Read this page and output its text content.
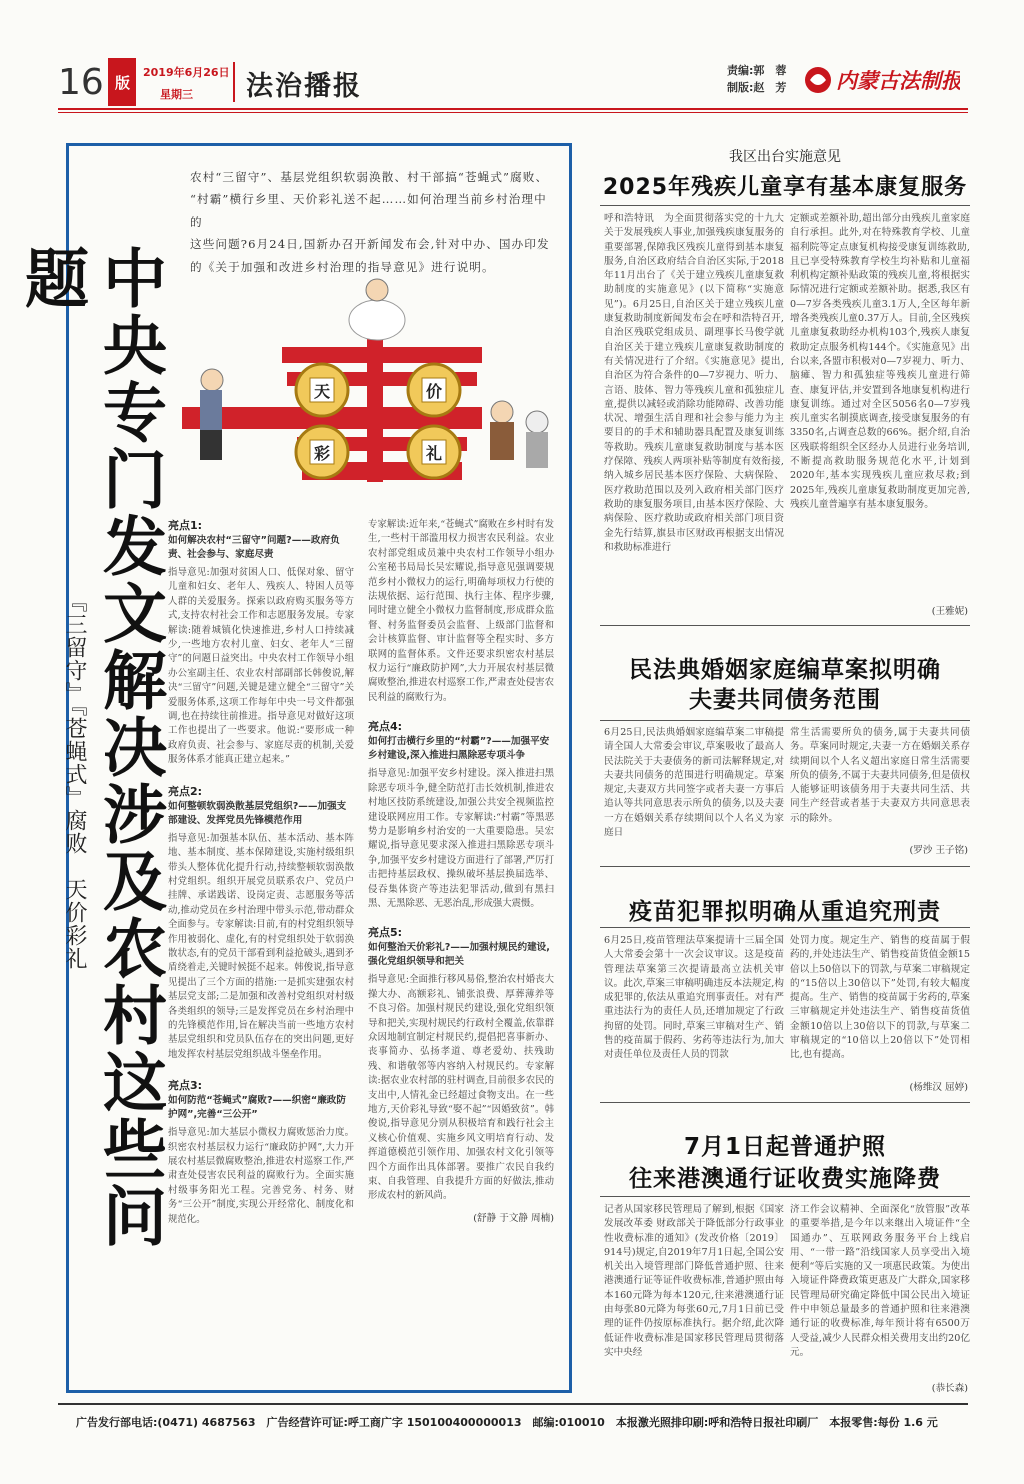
16 版
2019年6月26日
星期三 法治播报
责编:郭　蓉
制版:赵　芳 内蒙古法制报
农村“三留守”、基层党组织软弱涣散、村干部搞“苍蝇式”腐败、
“村霸”横行乡里、天价彩礼送不起……如何治理当前乡村治理中的
这些问题?6月24日,国新办召开新闻发布会,针对中办、国办印发
的《关于加强和改进乡村治理的指导意见》进行说明。
中央专门发文解决涉及农村这些问题
『三留守』『苍蝇式』腐败　天价彩礼
天	价
彩	礼
亮点1:
如何解决农村“三留守”问题?——政府负责、社会参与、家庭尽责

指导意见:加强对贫困人口、低保对象、留守儿童和妇女、老年人、残疾人、特困人员等人群的关爱服务。探索以政府购买服务等方式,支持农村社会工作和志愿服务发展。专家解读:随着城镇化快速推进,乡村人口持续减少,一些地方农村儿童、妇女、老年人“三留守”的问题日益突出。中央农村工作领导小组办公室副主任、农业农村部副部长韩俊说,解决“三留守”问题,关键是建立健全“三留守”关爱服务体系,这项工作每年中央一号文件都强调,也在持续往前推进。指导意见对做好这项工作也提出了一些要求。他说:“要形成一种政府负责、社会参与、家庭尽责的机制,关爱服务体系才能真正建立起来。”

亮点2:
如何整顿软弱涣散基层党组织?——加强支部建设、发挥党员先锋模范作用

指导意见:加强基本队伍、基本活动、基本阵地、基本制度、基本保障建设,实施村级组织带头人整体优化提升行动,持续整顿软弱涣散村党组织。组织开展党员联系农户、党员户挂牌、承诺践诺、设岗定责、志愿服务等活动,推动党员在乡村治理中带头示范,带动群众全面参与。专家解读:目前,有的村党组织领导作用被弱化、虚化,有的村党组织处于软弱涣散状态,有的党员干部看到利益抢破头,遇到矛盾绕着走,关键时候挺不起来。韩俊说,指导意见提出了三个方面的措施:一是抓实建强农村基层党支部;二是加强和改善村党组织对村级各类组织的领导;三是发挥党员在乡村治理中的先锋模范作用,旨在解决当前一些地方农村基层党组织和党员队伍存在的突出问题,更好地发挥农村基层党组织战斗堡垒作用。

亮点3:
如何防范“苍蝇式”腐败?——织密“廉政防护网”,完善“三公开”

指导意见:加大基层小微权力腐败惩治力度。织密农村基层权力运行“廉政防护网”,大力开展农村基层微腐败整治,推进农村巡察工作,严肃查处侵害农民利益的腐败行为。全面实施村级事务阳光工程。完善党务、村务、财务“三公开”制度,实现公开经常化、制度化和规范化。

专家解读:近年来,“苍蝇式”腐败在乡村时有发生,一些村干部滥用权力损害农民利益。农业农村部党组成员兼中央农村工作领导小组办公室秘书局局长吴宏耀说,指导意见强调要规范乡村小微权力的运行,明确每项权力行使的法规依据、运行范围、执行主体、程序步骤,同时建立健全小微权力监督制度,形成群众监督、村务监督委员会监督、上级部门监督和会计核算监督、审计监督等全程实时、多方联网的监督体系。文件还要求织密农村基层权力运行“廉政防护网”,大力开展农村基层微腐败整治,推进农村巡察工作,严肃查处侵害农民利益的腐败行为。

亮点4:
如何打击横行乡里的“村霸”?——加强平安乡村建设,深入推进扫黑除恶专项斗争

指导意见:加强平安乡村建设。深入推进扫黑除恶专项斗争,健全防范打击长效机制,推进农村地区技防系统建设,加强公共安全视频监控建设联网应用工作。专家解读:“村霸”等黑恶势力是影响乡村治安的一大重要隐患。吴宏耀说,指导意见要求深入推进扫黑除恶专项斗争,加强平安乡村建设方面进行了部署,严厉打击把持基层政权、操纵破坏基层换届选举、侵吞集体资产等违法犯罪活动,做到有黑扫黑、无黑除恶、无恶治乱,形成强大震慑。

亮点5:
如何整治天价彩礼?——加强村规民约建设,强化党组织领导和把关

指导意见:全面推行移风易俗,整治农村婚丧大操大办、高额彩礼、铺张浪费、厚葬薄养等不良习俗。加强村规民约建设,强化党组织领导和把关,实现村规民约行政村全覆盖,依靠群众因地制宜制定村规民约,提倡把喜事新办、丧事简办、弘扬孝道、尊老爱幼、扶残助残、和谐敬邻等内容纳入村规民约。专家解读:据农业农村部的驻村调查,目前很多农民的支出中,人情礼金已经超过食物支出。在一些地方,天价彩礼导致“娶不起”“因婚致贫”。韩俊说,指导意见分别从积极培育和践行社会主义核心价值观、实施乡风文明培育行动、发挥道德模范引领作用、加强农村文化引领等四个方面作出具体部署。要推广农民自我约束、自我管理、自我提升方面的好做法,推动形成农村的新风尚。

(舒静 于文静 周楠)
我区出台实施意见
2025年残疾儿童享有基本康复服务

呼和浩特讯　为全面贯彻落实党的十九大关于发展残疾人事业,加强残疾康复服务的重要部署,保障我区残疾儿童得到基本康复服务,自治区政府结合自治区实际,于2018年11月出台了《关于建立残疾儿童康复救助制度的实施意见》(以下简称“实施意见”)。6月25日,自治区关于建立残疾儿童康复救助制度新闻发布会在呼和浩特召开,自治区残联党组成员、副理事长马俊学就自治区关于建立残疾儿童康复救助制度的有关情况进行了介绍。《实施意见》提出,自治区为符合条件的0—7岁视力、听力、言语、肢体、智力等残疾儿童和孤独症儿童,提供以减轻或消除功能障碍、改善功能状况、增强生活自理和社会参与能力为主要目的的手术和辅助器具配置及康复训练等救助。残疾儿童康复救助制度与基本医疗保障、残疾人两项补贴等制度有效衔接,纳入城乡居民基本医疗保险、大病保险、医疗救助范围以及列入政府相关部门医疗救助的康复服务项目,由基本医疗保险、大病保险、医疗救助或政府相关部门项目资金先行结算,旗县市区财政再根据支出情况和救助标准进行

定额或差额补助,超出部分由残疾儿童家庭自行承担。此外,对在特殊教育学校、儿童福利院等定点康复机构接受康复训练救助,且已享受特殊教育学校生均补贴和儿童福利机构定额补贴政策的残疾儿童,将根据实际情况进行定额或差额补助。据悉,我区有0—7岁各类残疾儿童3.1万人,全区每年新增各类残疾儿童0.37万人。目前,全区残疾儿童康复救助经办机构103个,残疾人康复救助定点服务机构144个。《实施意见》出台以来,各盟市积极对0—7岁视力、听力、脑瘫、智力和孤独症等残疾儿童进行筛查、康复评估,并安置到各地康复机构进行康复训练。通过对全区5056名0—7岁残疾儿童实名制摸底调查,接受康复服务的有3350名,占调查总数的66%。据介绍,自治区残联将组织全区经办人员进行业务培训,不断提高救助服务规范化水平,计划到2020年,基本实现残疾儿童应救尽救;到2025年,残疾儿童康复救助制度更加完善,残疾儿童普遍享有基本康复服务。

(王雅妮)
民法典婚姻家庭编草案拟明确夫妻共同债务范围

6月25日,民法典婚姻家庭编草案二审稿提请全国人大常委会审议,草案吸收了最高人民法院关于夫妻债务的新司法解释规定,对夫妻共同债务的范围进行明确规定。草案规定,夫妻双方共同签字或者夫妻一方事后追认等共同意思表示所负的债务,以及夫妻一方在婚姻关系存续期间以个人名义为家庭日

常生活需要所负的债务,属于夫妻共同债务。草案同时规定,夫妻一方在婚姻关系存续期间以个人名义超出家庭日常生活需要所负的债务,不属于夫妻共同债务,但是债权人能够证明该债务用于夫妻共同生活、共同生产经营或者基于夫妻双方共同意思表示的除外。

(罗沙 王子铭)
疫苗犯罪拟明确从重追究刑责

6月25日,疫苗管理法草案提请十三届全国人大常委会第十一次会议审议。这是疫苗管理法草案第三次提请最高立法机关审议。此次,草案三审稿明确违反本法规定,构成犯罪的,依法从重追究刑事责任。对有严重违法行为的责任人员,还增加规定了行政拘留的处罚。同时,草案三审稿对生产、销售的疫苗属于假药、劣药等违法行为,加大对责任单位及责任人员的罚款

处罚力度。规定生产、销售的疫苗属于假药的,并处违法生产、销售疫苗货值金额15倍以上50倍以下的罚款,与草案二审稿规定的“15倍以上30倍以下”处罚,有较大幅度提高。生产、销售的疫苗属于劣药的,草案三审稿规定并处违法生产、销售疫苗货值金额10倍以上30倍以下的罚款,与草案二审稿规定的“10倍以上20倍以下”处罚相比,也有提高。

(杨维汉 屈婷)
7月1日起普通护照
往来港澳通行证收费实施降费

记者从国家移民管理局了解到,根据《国家发展改革委 财政部关于降低部分行政事业性收费标准的通知》(发改价格〔2019〕914号)规定,自2019年7月1日起,全国公安机关出入境管理部门降低普通护照、往来港澳通行证等证件收费标准,普通护照由每本160元降为每本120元,往来港澳通行证由每张80元降为每张60元,7月1日前已受理的证件仍按原标准执行。据介绍,此次降低证件收费标准是国家移民管理局贯彻落实中央经

济工作会议精神、全面深化“放管服”改革的重要举措,是今年以来继出入境证件“全国通办”、互联网政务服务平台上线启用、“一带一路”沿线国家人员享受出入境便利“等后实施的又一项惠民政策。为使出入境证件降费政策更惠及广大群众,国家移民管理局研究确定降低中国公民出入境证件中申领总量最多的普通护照和往来港澳通行证的收费标准,每年预计将有6500万人受益,减少人民群众相关费用支出约20亿元。

(恭长森)
广告发行部电话:(0471) 4687563　广告经营许可证:呼工商广字 150100400000013　邮编:010010　本报激光照排印刷:呼和浩特日报社印刷厂　本报零售:每份 1.6 元
